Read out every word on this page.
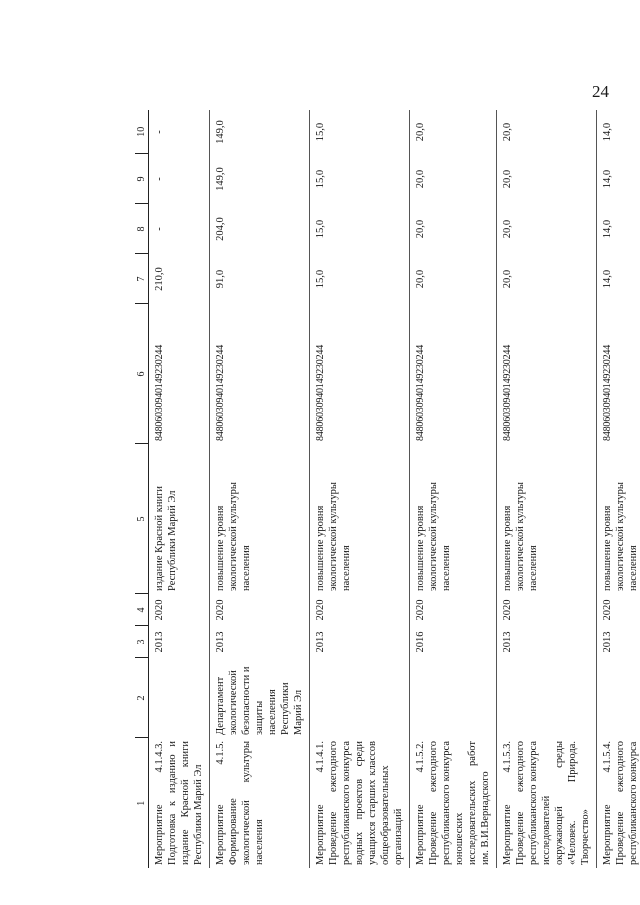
24
1	2	3	4	5	6	7	8	9	10
Мероприятие 4.1.4.3. Подготовка к изданию и издание Красной книги Республики Марий Эл		2013	2020	издание Красной книги Республики Марий Эл	84806030940149230244	210,0	-	-	-
Мероприятие 4.1.5. Формирование экологической культуры населения	Департамент экологической безопасности и защиты населения Республики Марий Эл	2013	2020	повышение уровня экологической культуры населения	84806030940149230244	91,0	204,0	149,0	149,0
Мероприятие 4.1.4.1. Проведение ежегодного республиканского конкурса водных проектов среди учащихся старших классов общеобразовательных организаций		2013	2020	повышение уровня экологической культуры населения	84806030940149230244	15,0	15,0	15,0	15,0
Мероприятие 4.1.5.2. Проведение ежегодного республиканского конкурса юношеских исследовательских работ им. В.И.Вернадского		2016	2020	повышение уровня экологической культуры населения	84806030940149230244	20,0	20,0	20,0	20,0
Мероприятие 4.1.5.3. Проведение ежегодного республиканского конкурса исследователей окружающей среды «Человек. Природа. Творчество»		2013	2020	повышение уровня экологической культуры населения	84806030940149230244	20,0	20,0	20,0	20,0
Мероприятие 4.1.5.4. Проведение ежегодного республиканского конкурса		2013	2020	повышение уровня экологической культуры населения	84806030940149230244	14,0	14,0	14,0	14,0
